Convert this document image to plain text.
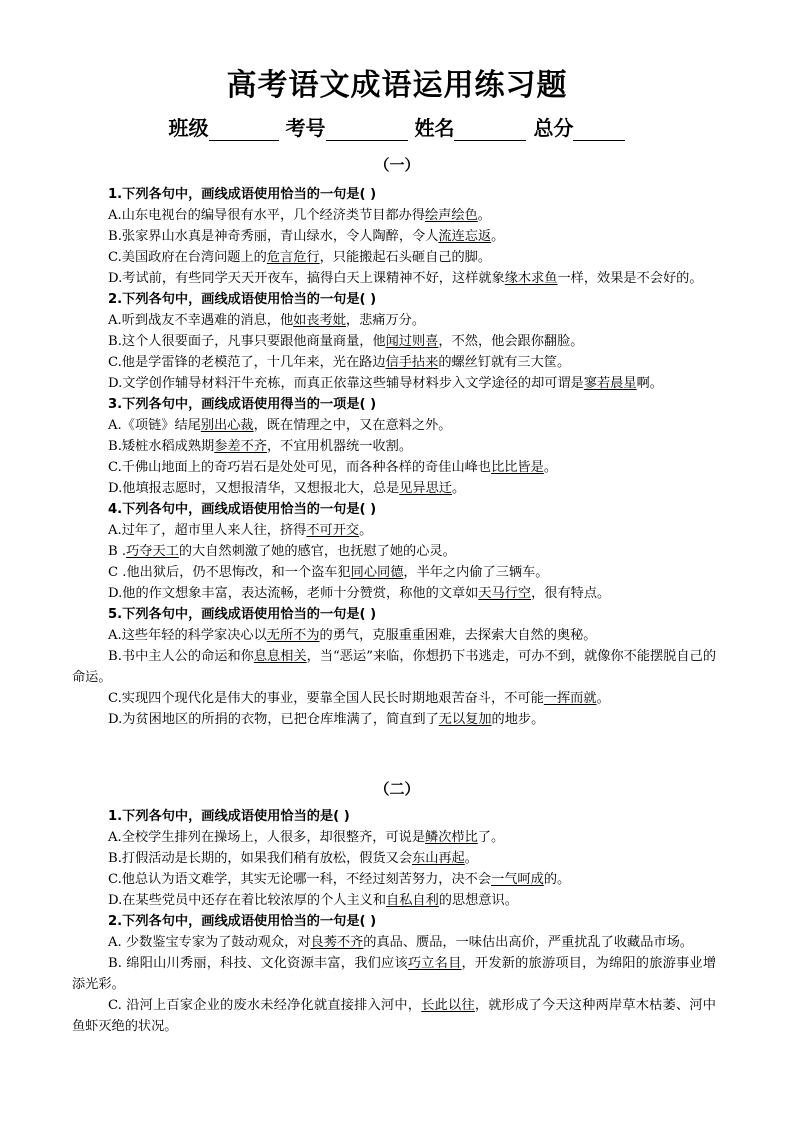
高考语文成语运用练习题
班级	考号	姓名	总分
（一）
1.下列各句中，画线成语使用恰当的一句是( )
A.山东电视台的编导很有水平，几个经济类节目都办得绘声绘色。
B.张家界山水真是神奇秀丽，青山绿水，令人陶醉，令人流连忘返。
C.美国政府在台湾问题上的危言危行，只能搬起石头砸自己的脚。
D.考试前，有些同学天天开夜车，搞得白天上课精神不好，这样就象缘木求鱼一样，效果是不会好的。
2.下列各句中，画线成语使用恰当的一句是( )
A.听到战友不幸遇难的消息，他如丧考妣，悲痛万分。
B.这个人很要面子，凡事只要跟他商量商量，他闻过则喜，不然，他会跟你翻脸。
C.他是学雷锋的老模范了，十几年来，光在路边信手拈来的螺丝钉就有三大筐。
D.文学创作辅导材料汗牛充栋，而真正依靠这些辅导材料步入文学途径的却可谓是寥若晨星啊。
3.下列各句中，画线成语使用得当的一项是( )
A.《项链》结尾别出心裁，既在情理之中，又在意料之外。
B.矮桩水稻成熟期参差不齐，不宜用机器统一收割。
C.千佛山地面上的奇巧岩石是处处可见，而各种各样的奇佳山峰也比比皆是。
D.他填报志愿时，又想报清华，又想报北大，总是见异思迁。
4.下列各句中，画线成语使用恰当的一句是( )
A.过年了，超市里人来人往，挤得不可开交。
B .巧夺天工的大自然刺激了她的感官，也抚慰了她的心灵。
C .他出狱后，仍不思悔改，和一个盗车犯同心同德，半年之内偷了三辆车。
D.他的作文想象丰富，表达流畅，老师十分赞赏，称他的文章如天马行空，很有特点。
5.下列各句中，画线成语使用恰当的一句是( )
A.这些年轻的科学家决心以无所不为的勇气，克服重重困难，去探索大自然的奥秘。
B.书中主人公的命运和你息息相关，当“恶运”来临，你想扔下书逃走，可办不到，就像你不能摆脱自己的命运。
C.实现四个现代化是伟大的事业，要靠全国人民长时期地艰苦奋斗，不可能一挥而就。
D.为贫困地区的所捐的衣物，已把仓库堆满了，简直到了无以复加的地步。
（二）
1.下列各句中，画线成语使用恰当的是( )
A.全校学生排列在操场上，人很多，却很整齐，可说是鳞次栉比了。
B.打假活动是长期的，如果我们稍有放松，假货又会东山再起。
C.他总认为语文难学，其实无论哪一科，不经过刻苦努力，决不会一气呵成的。
D.在某些党员中还存在着比较浓厚的个人主义和自私自利的思想意识。
2.下列各句中，画线成语使用恰当的一句是( )
A. 少数鉴宝专家为了鼓动观众，对良莠不齐的真品、赝品，一味估出高价，严重扰乱了收藏品市场。
B. 绵阳山川秀丽，科技、文化资源丰富，我们应该巧立名目，开发新的旅游项目，为绵阳的旅游事业增添光彩。
C. 沿河上百家企业的废水未经净化就直接排入河中，长此以往，就形成了今天这种两岸草木枯萎、河中鱼虾灭绝的状况。
